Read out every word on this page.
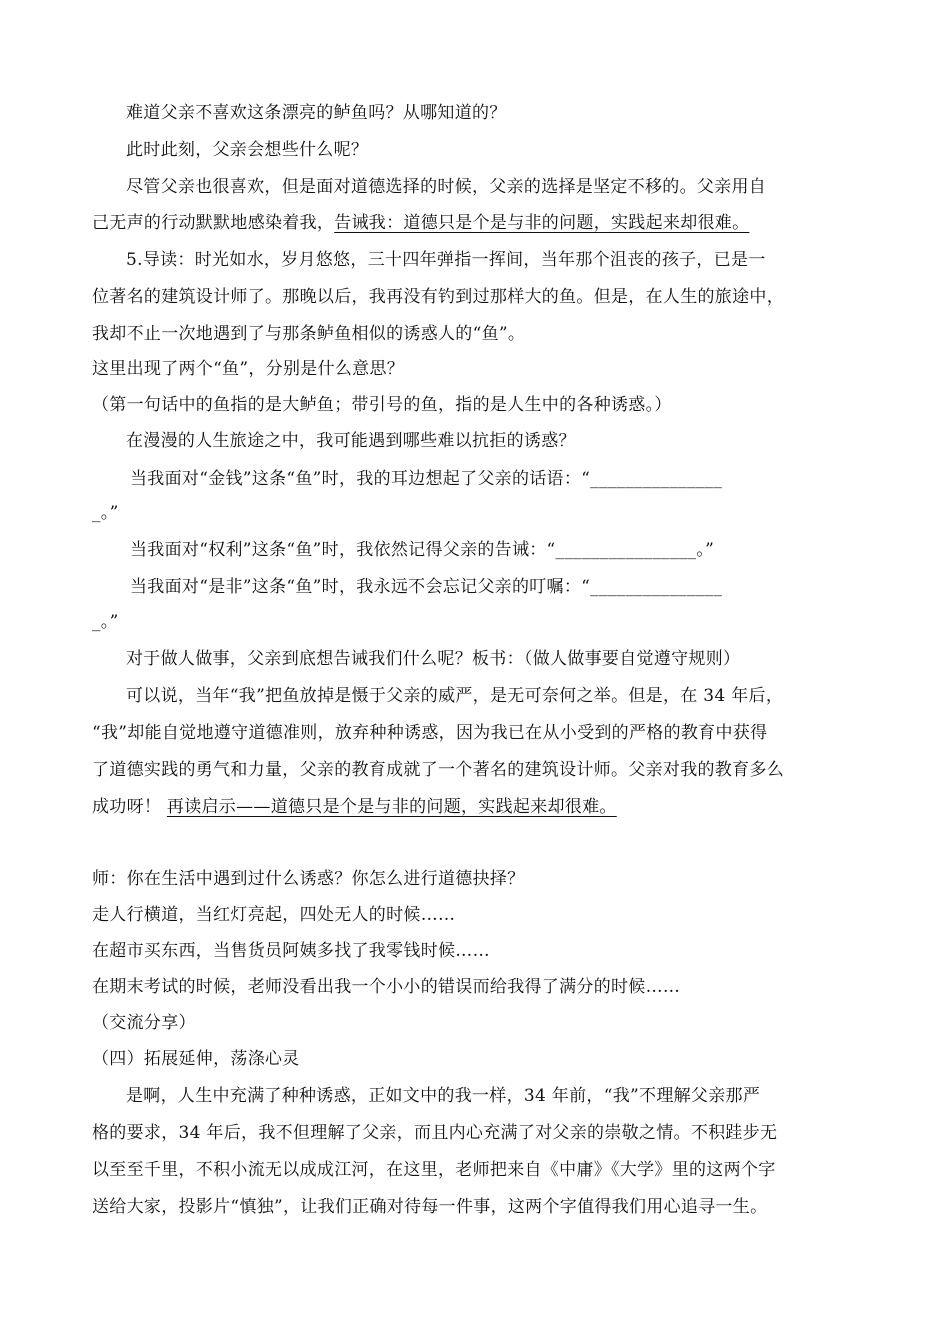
难道父亲不喜欢这条漂亮的鲈鱼吗？从哪知道的？
此时此刻，父亲会想些什么呢？
尽管父亲也很喜欢，但是面对道德选择的时候，父亲的选择是坚定不移的。父亲用自
己无声的行动默默地感染着我，告诫我：道德只是个是与非的问题，实践起来却很难。
5.导读：时光如水，岁月悠悠，三十四年弹指一挥间，当年那个沮丧的孩子，已是一
位著名的建筑设计师了。那晚以后，我再没有钓到过那样大的鱼。但是，在人生的旅途中，
我却不止一次地遇到了与那条鲈鱼相似的诱惑人的“鱼”。
这里出现了两个“鱼”，分别是什么意思？
（第一句话中的鱼指的是大鲈鱼；带引号的鱼，指的是人生中的各种诱惑。）
在漫漫的人生旅途之中，我可能遇到哪些难以抗拒的诱惑？
当我面对“金钱”这条“鱼”时，我的耳边想起了父亲的话语：“_______________
_。”
当我面对“权利”这条“鱼”时，我依然记得父亲的告诫：“________________。”
当我面对“是非”这条“鱼”时，我永远不会忘记父亲的叮嘱：“_______________
_。”
对于做人做事，父亲到底想告诫我们什么呢？板书：（做人做事要自觉遵守规则）
可以说，当年“我”把鱼放掉是慑于父亲的威严，是无可奈何之举。但是，在 34 年后，
“我”却能自觉地遵守道德准则，放弃种种诱惑，因为我已在从小受到的严格的教育中获得
了道德实践的勇气和力量，父亲的教育成就了一个著名的建筑设计师。父亲对我的教育多么
成功呀！ 再读启示——道德只是个是与非的问题，实践起来却很难。
师：你在生活中遇到过什么诱惑？你怎么进行道德抉择？
走人行横道，当红灯亮起，四处无人的时候……
在超市买东西，当售货员阿姨多找了我零钱时候……
在期末考试的时候，老师没看出我一个小小的错误而给我得了满分的时候……
（交流分享）
（四）拓展延伸，荡涤心灵
是啊，人生中充满了种种诱惑，正如文中的我一样，34 年前，“我”不理解父亲那严
格的要求，34 年后，我不但理解了父亲，而且内心充满了对父亲的崇敬之情。不积跬步无
以至至千里，不积小流无以成成江河，在这里，老师把来自《中庸》《大学》里的这两个字
送给大家，投影片“慎独”，让我们正确对待每一件事，这两个字值得我们用心追寻一生。
